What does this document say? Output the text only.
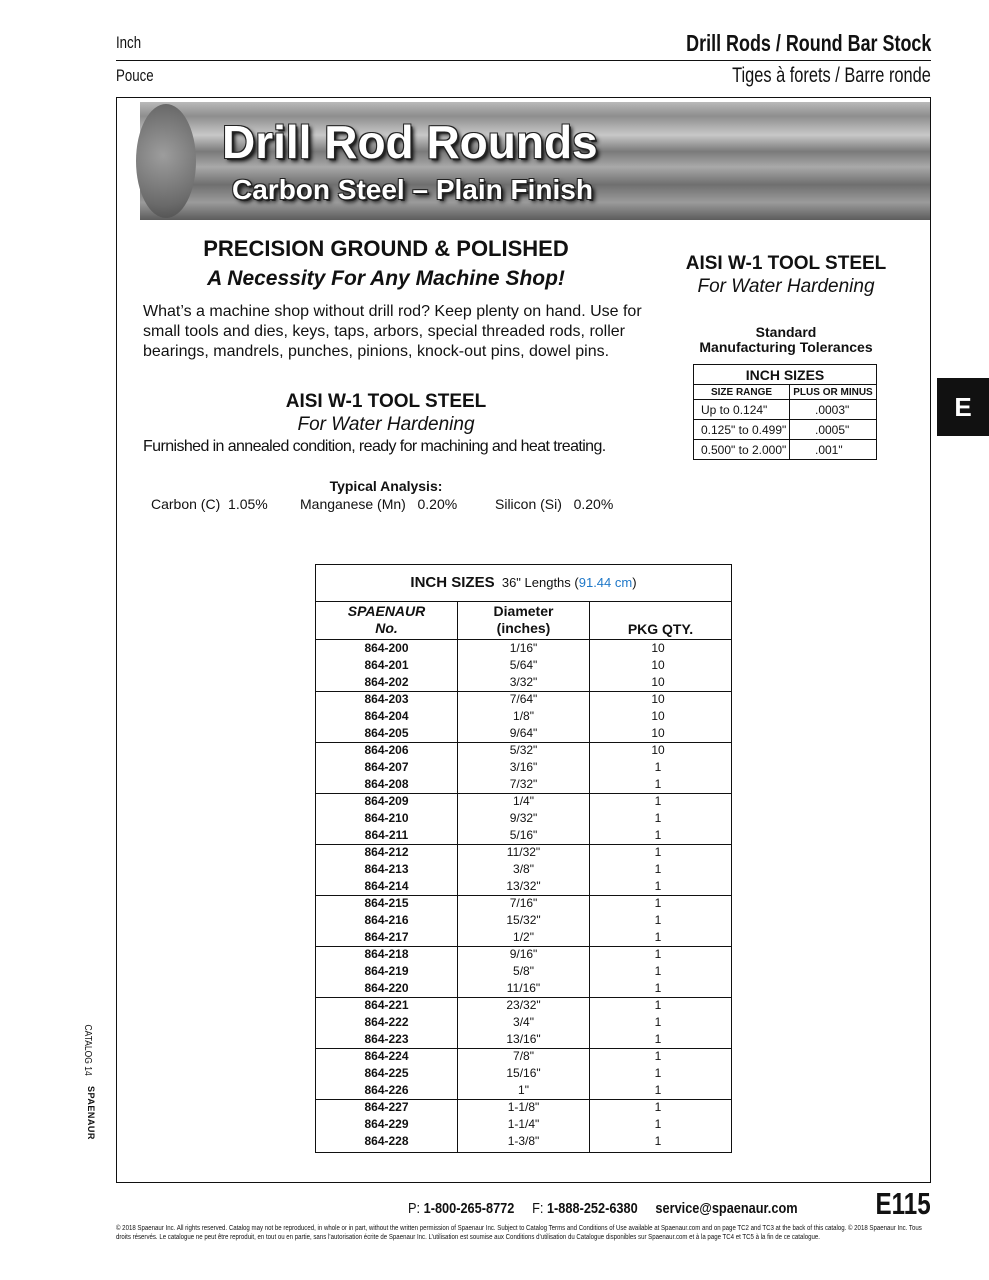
Inch	Drill Rods / Round Bar Stock
Pouce	Tiges à forets / Barre ronde
Drill Rod Rounds
Carbon Steel – Plain Finish
PRECISION GROUND & POLISHED
A Necessity For Any Machine Shop!
What’s a machine shop without drill rod? Keep plenty on hand. Use for small tools and dies, keys, taps, arbors, special threaded rods, roller bearings, mandrels, punches, pinions, knock-out pins, dowel pins.
AISI W-1 TOOL STEEL
For Water Hardening
Furnished in annealed condition, ready for machining and heat treating.
Typical Analysis:
Carbon (C) 1.05% Manganese (Mn) 0.20%	Silicon (Si) 0.20%
AISI W-1 TOOL STEEL
For Water Hardening
Standard
Manufacturing Tolerances
INCH SIZES	
SIZE RANGE	PLUS OR MINUS
Up to 0.124"	.0003"
0.125" to 0.499"	.0005"
0.500" to 2.000"	.001"
E
INCH SIZES 36" Lengths (91.44 cm)
SPAENAUR
No.
Diameter
(inches)	PKG QTY.
864-200	1/16"	10
864-201	5/64"	10
864-202	3/32"	10
864-203	7/64"	10
864-204	1/8"	10
864-205	9/64"	10
864-206	5/32"	10
864-207	3/16"	1
864-208	7/32"	1
864-209	1/4"	1
864-210	9/32"	1
864-211	5/16"	1
864-212	11/32"	1
864-213	3/8"	1
864-214	13/32"	1
864-215	7/16"	1
864-216	15/32"	1
864-217	1/2"	1
864-218	9/16"	1
864-219	5/8"	1
864-220	11/16"	1
864-221	23/32"	1
864-222	3/4"	1
864-223	13/16"	1
864-224	7/8"	1
864-225	15/16"	1
864-226	1"	1
864-227	1-1/8"	1
864-229	1-1/4"	1
864-228	1-3/8"	1
CATALOG 14
SPAENAUR
P: 1-800-265-8772 F: 1-888-252-6380 service@spaenaur.com	E115
© 2018 Spaenaur Inc. All rights reserved. Catalog may not be reproduced, in whole or in part, without the written permission of Spaenaur Inc. Subject to Catalog Terms and Conditions of Use available at Spaenaur.com and on page TC2 and TC3 at the back of this catalog. © 2018 Spaenaur Inc. Tous droits réservés. Le catalogue ne peut être reproduit, en tout ou en partie, sans l’autorisation écrite de Spaenaur Inc. L’utilisation est soumise aux Conditions d’utilisation du Catalogue disponibles sur Spaenaur.com et à la page TC4 et TC5 à la fin de ce catalogue.
